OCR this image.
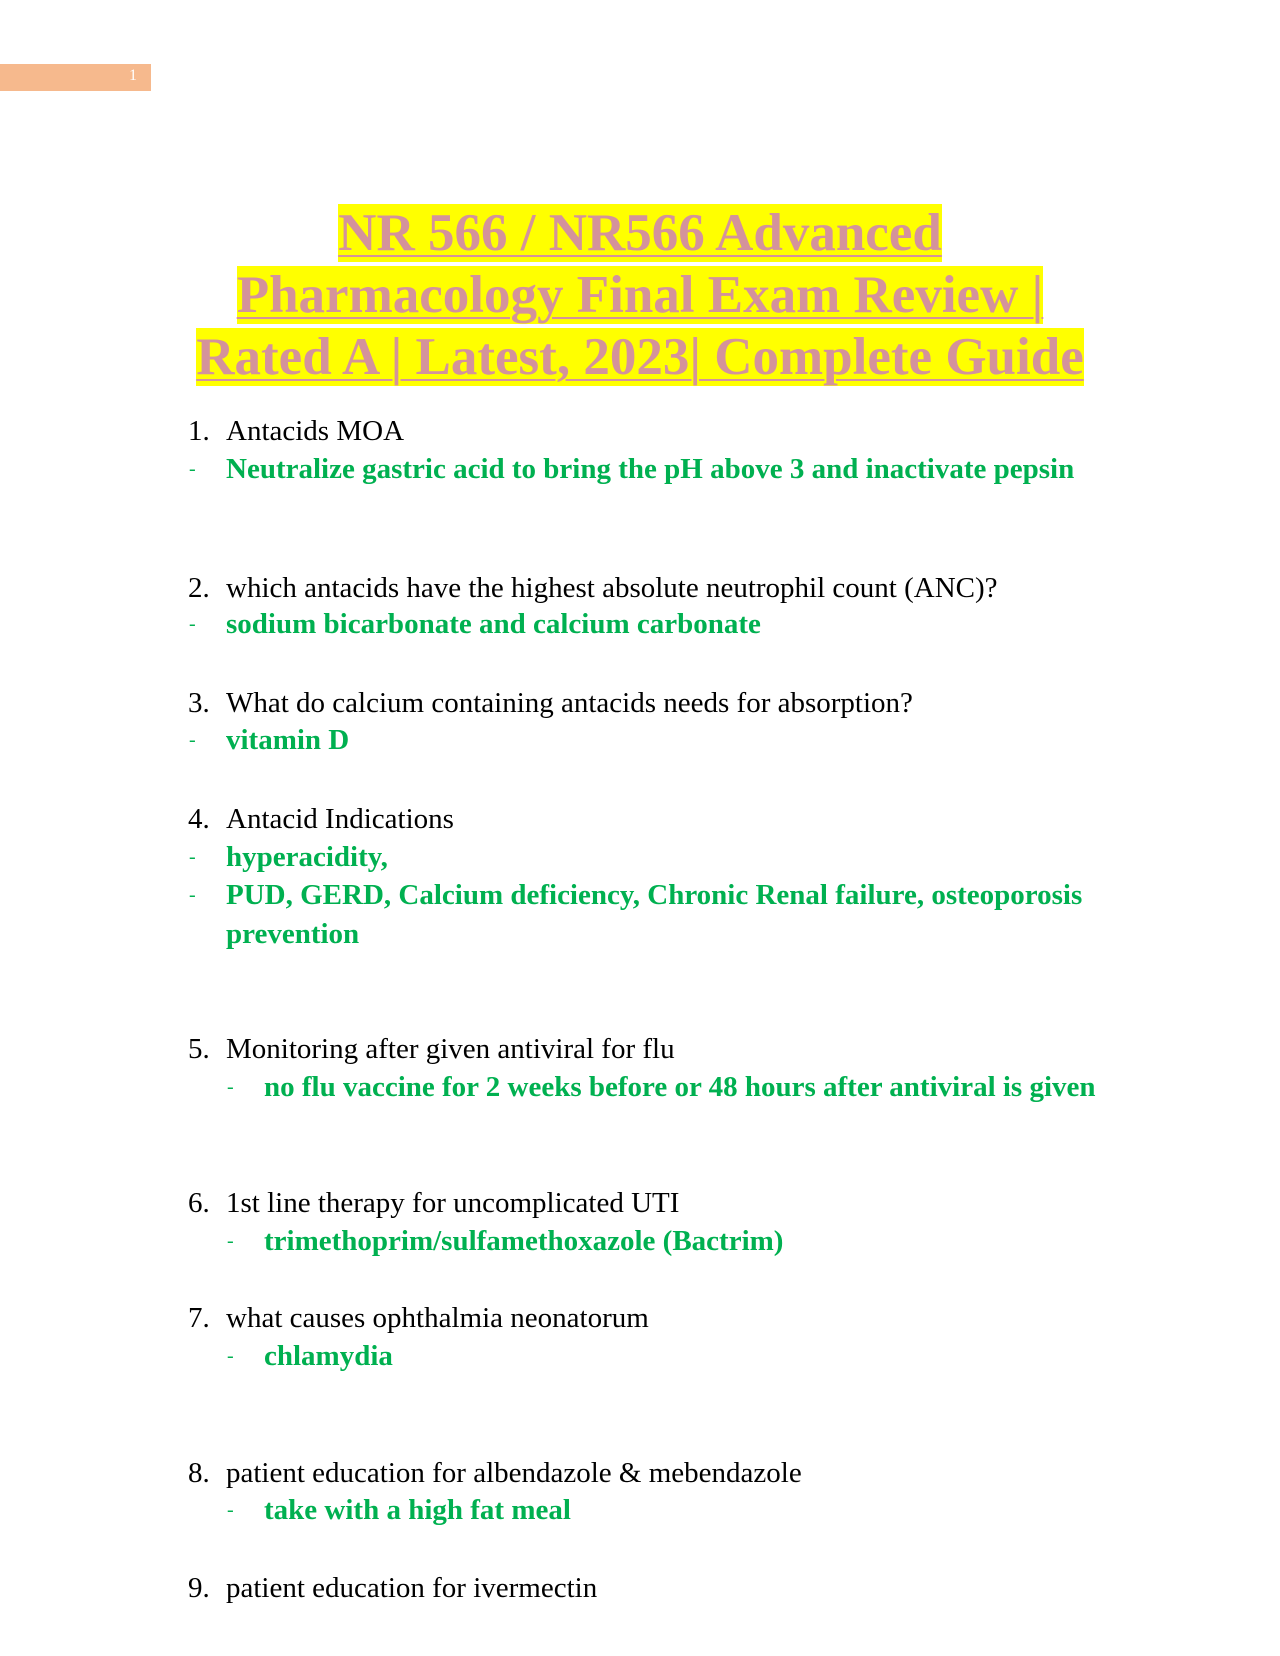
1
NR 566 / NR566 Advanced
Pharmacology Final Exam Review |
Rated A | Latest, 2023| Complete Guide
1. Antacids MOA
- Neutralize gastric acid to bring the pH above 3 and inactivate pepsin
2. which antacids have the highest absolute neutrophil count (ANC)?
- sodium bicarbonate and calcium carbonate
3. What do calcium containing antacids needs for absorption?
- vitamin D
4. Antacid Indications
- hyperacidity,
- PUD, GERD, Calcium deficiency, Chronic Renal failure, osteoporosis prevention
5. Monitoring after given antiviral for flu
- no flu vaccine for 2 weeks before or 48 hours after antiviral is given
6. 1st line therapy for uncomplicated UTI
- trimethoprim/sulfamethoxazole (Bactrim)
7. what causes ophthalmia neonatorum
- chlamydia
8. patient education for albendazole & mebendazole
- take with a high fat meal
9. patient education for ivermectin
